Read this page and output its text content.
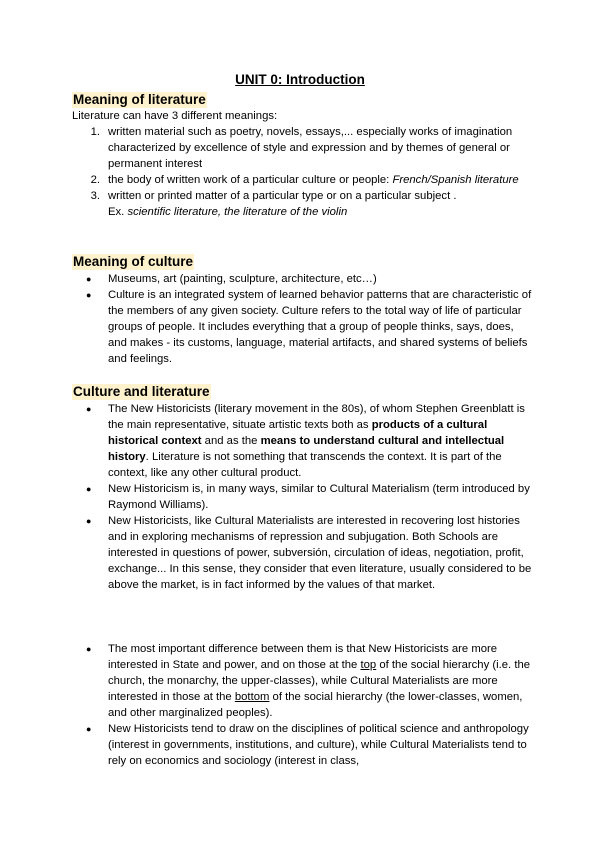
UNIT 0: Introduction
Meaning of literature
Literature can have 3 different meanings:
1. written material such as poetry, novels, essays,... especially works of imagination characterized by excellence of style and expression and by themes of general or permanent interest
2. the body of written work of a particular culture or people: French/Spanish literature
3. written or printed matter of a particular type or on a particular subject .
Ex. scientific literature, the literature of the violin
Meaning of culture
●	Museums, art (painting, sculpture, architecture, etc…)
●	Culture is an integrated system of learned behavior patterns that are characteristic of the members of any given society. Culture refers to the total way of life of particular groups of people. It includes everything that a group of people thinks, says, does, and makes - its customs, language, material artifacts, and shared systems of beliefs and feelings.
Culture and literature
●	The New Historicists (literary movement in the 80s), of whom Stephen Greenblatt is the main representative, situate artistic texts both as products of a cultural historical context and as the means to understand cultural and intellectual history. Literature is not something that transcends the context. It is part of the context, like any other cultural product.
●	New Historicism is, in many ways, similar to Cultural Materialism (term introduced by Raymond Williams).
●	New Historicists, like Cultural Materialists are interested in recovering lost histories and in exploring mechanisms of repression and subjugation. Both Schools are interested in questions of power, subversión, circulation of ideas, negotiation, profit, exchange... In this sense, they consider that even literature, usually considered to be above the market, is in fact informed by the values of that market.
●	The most important difference between them is that New Historicists are more interested in State and power, and on those at the top of the social hierarchy (i.e. the church, the monarchy, the upper-classes), while Cultural Materialists are more interested in those at the bottom of the social hierarchy (the lower-classes, women, and other marginalized peoples).
●	New Historicists tend to draw on the disciplines of political science and anthropology (interest in governments, institutions, and culture), while Cultural Materialists tend to rely on economics and sociology (interest in class,
